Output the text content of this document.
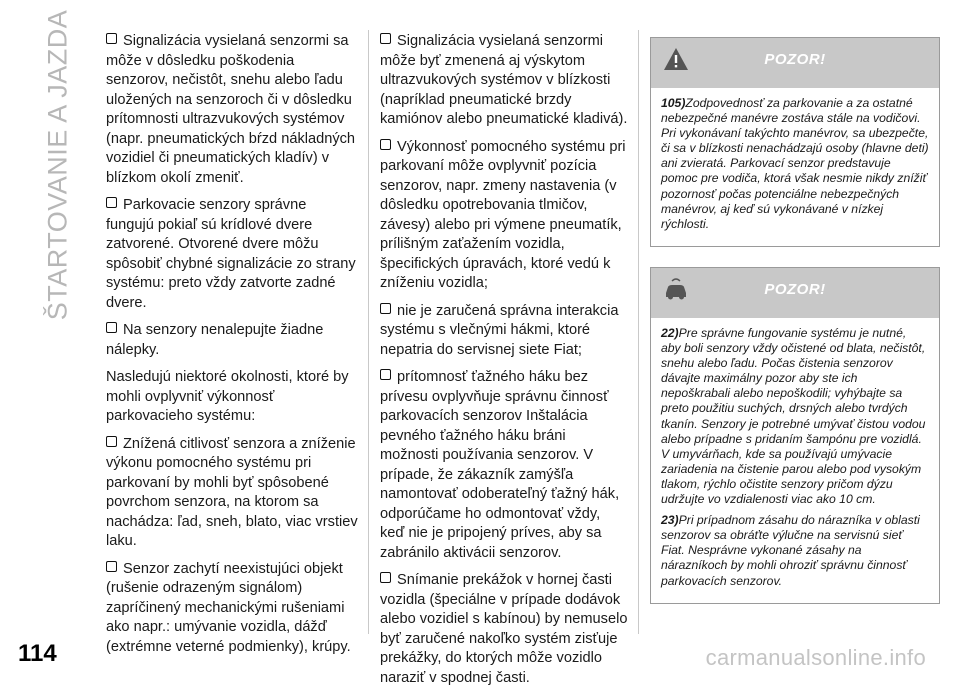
ŠTARTOVANIE A JAZDA	Signalizácia vysielaná senzormi sa môže v dôsledku poškodenia senzorov, nečistôt, snehu alebo ľadu uložených na senzoroch či v dôsledku prítomnosti ultrazvukových systémov (napr. pneumatických bŕzd nákladných vozidiel či pneumatických kladív) v blízkom okolí zmeniť.

Parkovacie senzory správne fungujú pokiaľ sú krídlové dvere zatvorené. Otvorené dvere môžu spôsobiť chybné signalizácie zo strany systému: preto vždy zatvorte zadné dvere.

Na senzory nenalepujte žiadne nálepky.

Nasledujú niektoré okolnosti, ktoré by mohli ovplyvniť výkonnosť parkovacieho systému:

Znížená citlivosť senzora a zníženie výkonu pomocného systému pri parkovaní by mohli byť spôsobené povrchom senzora, na ktorom sa nachádza: ľad, sneh, blato, viac vrstiev laku.

Senzor zachytí neexistujúci objekt (rušenie odrazeným signálom) zapríčinený mechanickými rušeniami ako napr.: umývanie vozidla, dážď (extrémne veterné podmienky), krúpy.

Signalizácia vysielaná senzormi môže byť zmenená aj výskytom ultrazvukových systémov v blízkosti (napríklad pneumatické brzdy kamiónov alebo pneumatické kladivá).

Výkonnosť pomocného systému pri parkovaní môže ovplyvniť pozícia senzorov, napr. zmeny nastavenia (v dôsledku opotrebovania tlmičov, závesy) alebo pri výmene pneumatík, prílišným zaťažením vozidla, špecifických úpravách, ktoré vedú k zníženiu vozidla;

nie je zaručená správna interakcia systému s vlečnými hákmi, ktoré nepatria do servisnej siete Fiat;

prítomnosť ťažného háku bez prívesu ovplyvňuje správnu činnosť parkovacích senzorov Inštalácia pevného ťažného háku bráni možnosti používania senzorov. V prípade, že zákazník zamýšľa namontovať odoberateľný ťažný hák, odporúčame ho odmontovať vždy, keď nie je pripojený príves, aby sa zabránilo aktivácii senzorov.

Snímanie prekážok v hornej časti vozidla (špeciálne v prípade dodávok alebo vozidiel s kabínou) by nemuselo byť zaručené nakoľko systém zisťuje prekážky, do ktorých môže vozidlo naraziť v spodnej časti.

POZOR!

105)Zodpovednosť za parkovanie a za ostatné nebezpečné manévre zostáva stále na vodičovi. Pri vykonávaní takýchto manévrov, sa ubezpečte, či sa v blízkosti nenachádzajú osoby (hlavne deti) ani zvieratá. Parkovací senzor predstavuje pomoc pre vodiča, ktorá však nesmie nikdy znížiť pozornosť počas potenciálne nebezpečných manévrov, aj keď sú vykonávané v nízkej rýchlosti.

POZOR!

22)Pre správne fungovanie systému je nutné, aby boli senzory vždy očistené od blata, nečistôt, snehu alebo ľadu. Počas čistenia senzorov dávajte maximálny pozor aby ste ich nepoškrabali alebo nepoškodili; vyhýbajte sa preto použitiu suchých, drsných alebo tvrdých tkanín. Senzory je potrebné umývať čistou vodou alebo prípadne s pridaním šampónu pre vozidlá. V umyvárňach, kde sa používajú umývacie zariadenia na čistenie parou alebo pod vysokým tlakom, rýchlo očistite senzory pričom dýzu udržujte vo vzdialenosti viac ako 10 cm.

23)Pri prípadnom zásahu do nárazníka v oblasti senzorov sa obráťte výlučne na servisnú sieť Fiat. Nesprávne vykonané zásahy na nárazníkoch by mohli ohroziť správnu činnosť parkovacích senzorov.

114	carmanualsonline.info
